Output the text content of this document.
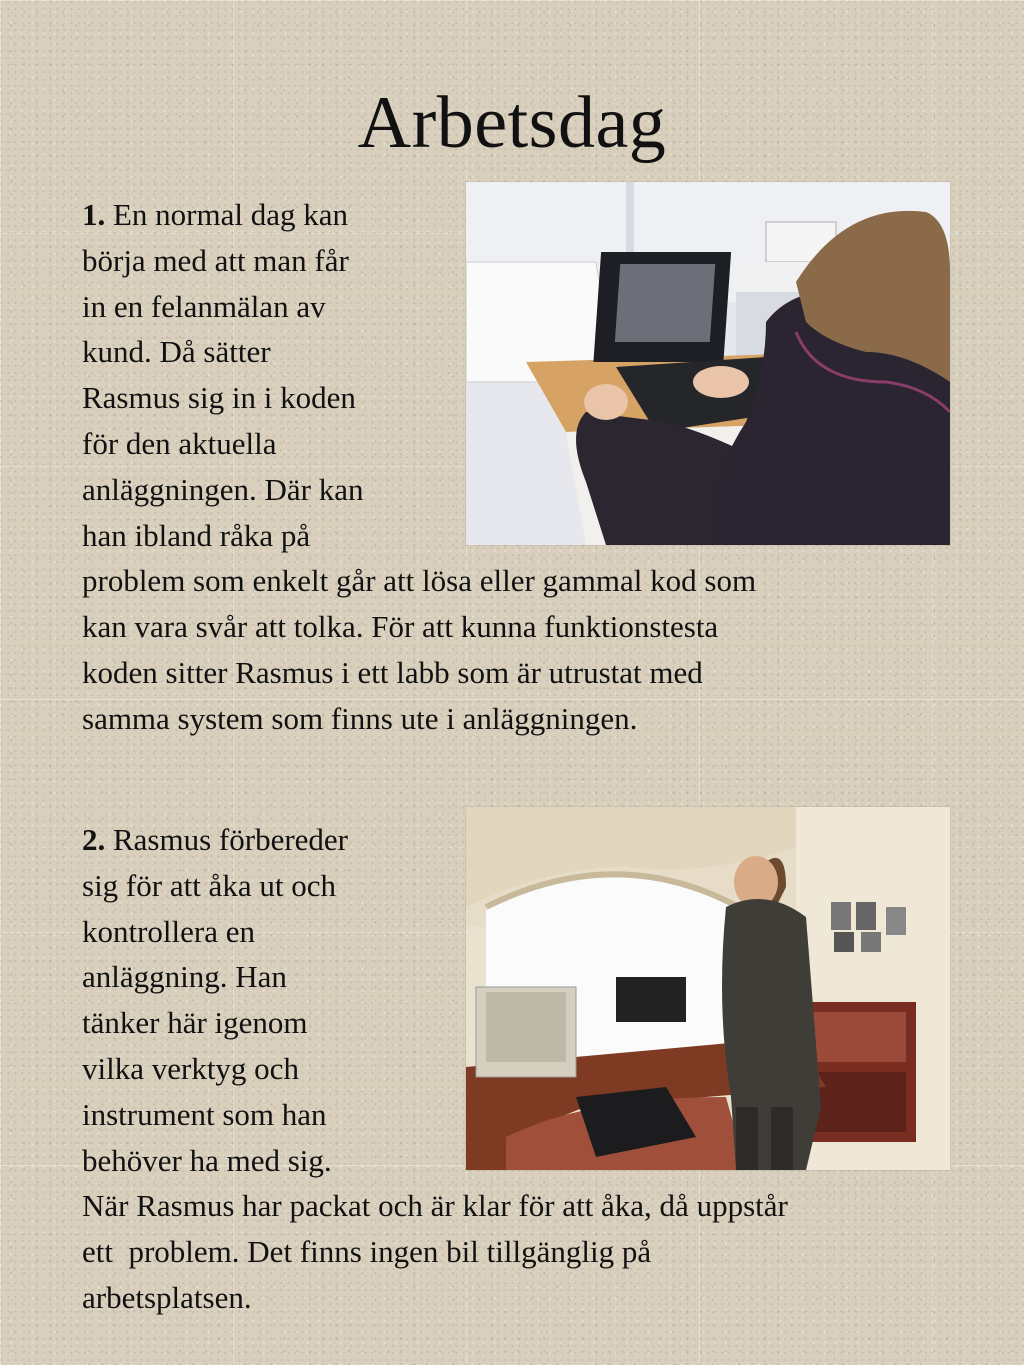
Arbetsdag
1. En normal dag kan
börja med att man får
in en felanmälan av
kund. Då sätter
Rasmus sig in i koden
för den aktuella
anläggningen. Där kan
han ibland råka på
problem som enkelt går att lösa eller gammal kod som
kan vara svår att tolka. För att kunna funktionstesta
koden sitter Rasmus i ett labb som är utrustat med
samma system som finns ute i anläggningen.
2. Rasmus förbereder
sig för att åka ut och
kontrollera en
anläggning. Han
tänker här igenom
vilka verktyg och
instrument som han
behöver ha med sig.
När Rasmus har packat och är klar för att åka, då uppstår
ett  problem. Det finns ingen bil tillgänglig på
arbetsplatsen.
